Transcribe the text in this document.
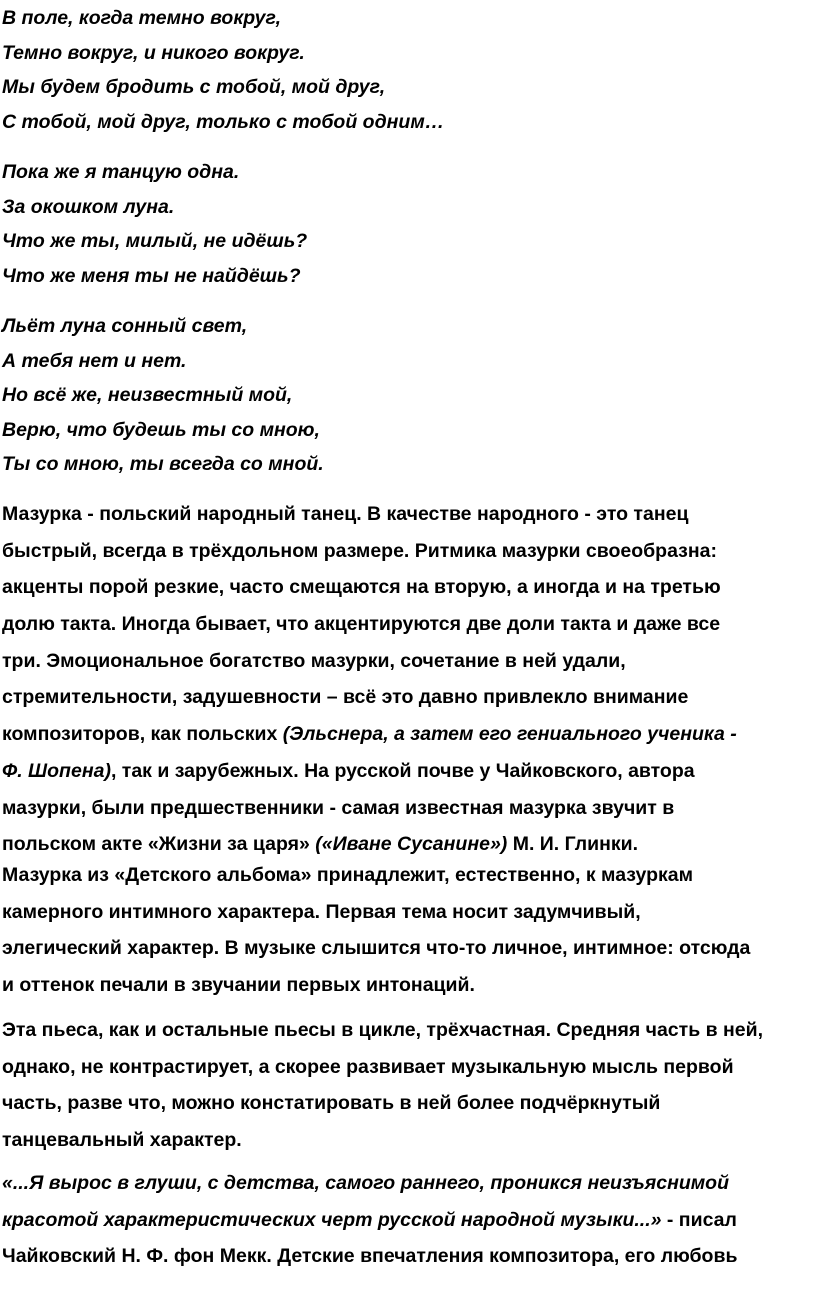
В поле, когда темно вокруг,
Темно вокруг, и никого вокруг.
Мы будем бродить с тобой, мой друг,
С тобой, мой друг, только с тобой одним…
Пока же я танцую одна.
За окошком луна.
Что же ты, милый, не идёшь?
Что же меня ты не найдёшь?
Льёт луна сонный свет,
А тебя нет и нет.
Но всё же, неизвестный мой,
Верю, что будешь ты со мною,
Ты со мною, ты всегда со мной.
Мазурка - польский народный танец. В качестве народного - это танец
быстрый, всегда в трёхдольном размере. Ритмика мазурки своеобразна:
акценты порой резкие, часто смещаются на вторую, а иногда и на третью
долю такта. Иногда бывает, что акцентируются две доли такта и даже все
три. Эмоциональное богатство мазурки, сочетание в ней удали,
стремительности, задушевности – всё это давно привлекло внимание
композиторов, как польских (Эльснера, а затем его гениального ученика -
Ф. Шопена), так и зарубежных. На русской почве у Чайковского, автора
мазурки, были предшественники - самая известная мазурка звучит в
польском акте «Жизни за царя» («Иване Сусанине») М. И. Глинки.
Мазурка из «Детского альбома» принадлежит, естественно, к мазуркам
камерного интимного характера. Первая тема носит задумчивый,
элегический характер. В музыке слышится что-то личное, интимное: отсюда
и оттенок печали в звучании первых интонаций.
Эта пьеса, как и остальные пьесы в цикле, трёхчастная. Средняя часть в ней,
однако, не контрастирует, а скорее развивает музыкальную мысль первой
часть, разве что, можно констатировать в ней более подчёркнутый
танцевальный характер.
«...Я вырос в глуши, с детства, самого раннего, проникся неизъяснимой
красотой характеристических черт русской народной музыки...» - писал
Чайковский Н. Ф. фон Мекк. Детские впечатления композитора, его любовь
